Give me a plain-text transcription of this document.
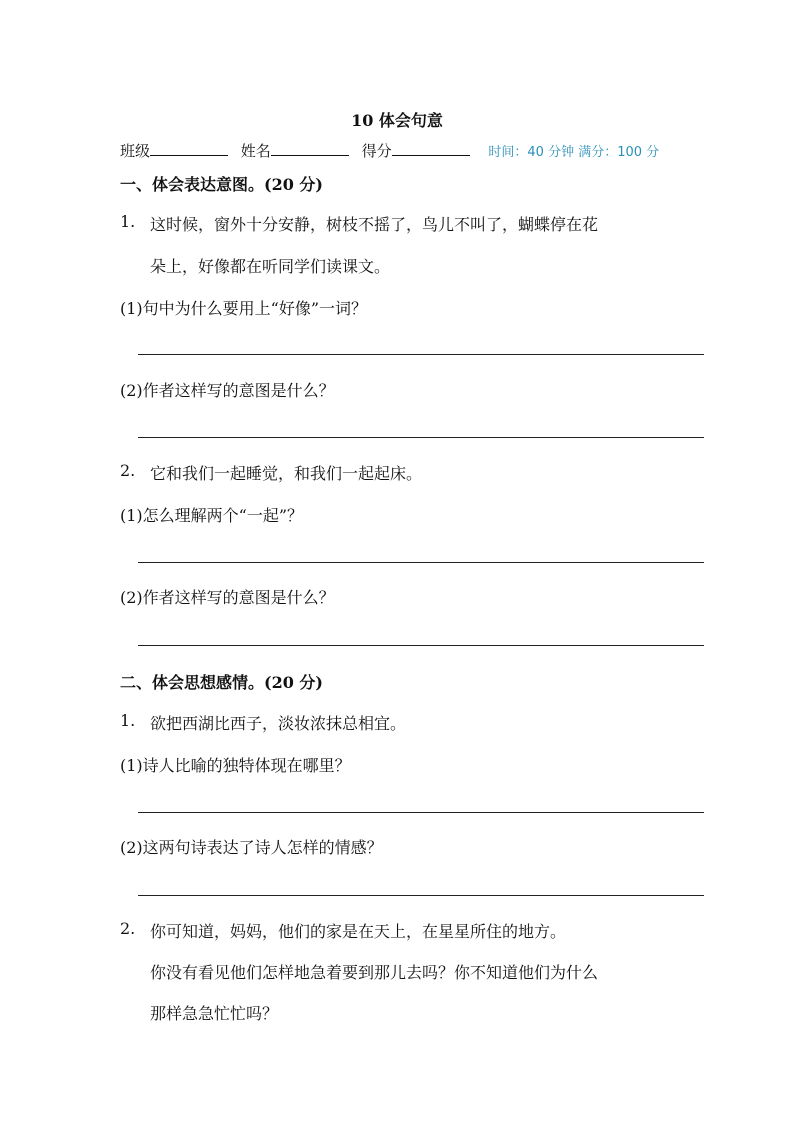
10 体会句意
班级	姓名	得分	时间：40 分钟 满分：100 分
一、体会表达意图。(20 分)
1. 这时候，窗外十分安静，树枝不摇了，鸟儿不叫了，蝴蝶停在花
朵上，好像都在听同学们读课文。
(1)句中为什么要用上“好像”一词？
(2)作者这样写的意图是什么？
2. 它和我们一起睡觉，和我们一起起床。
(1)怎么理解两个“一起”？
(2)作者这样写的意图是什么？
二、体会思想感情。(20 分)
1. 欲把西湖比西子，淡妆浓抹总相宜。
(1)诗人比喻的独特体现在哪里？
(2)这两句诗表达了诗人怎样的情感？
2. 你可知道，妈妈，他们的家是在天上，在星星所住的地方。
你没有看见他们怎样地急着要到那儿去吗？你不知道他们为什么
那样急急忙忙吗？
